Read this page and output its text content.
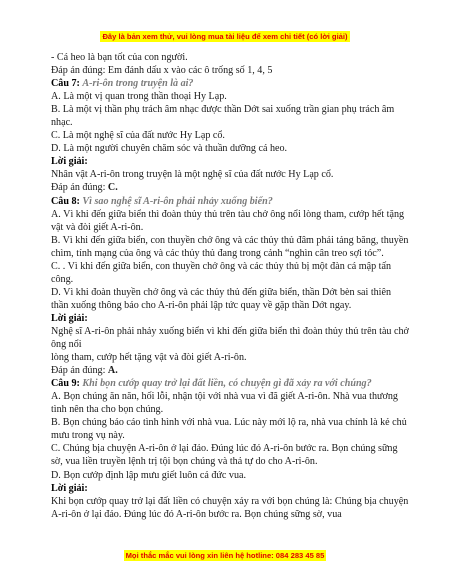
Đây là bản xem thử, vui lòng mua tài liệu để xem chi tiết (có lời giải)

- Cá heo là bạn tốt của con người.

Đáp án đúng: Em đánh dấu x vào các ô trống số 1, 4, 5

Câu 7: A-ri-ôn trong truyện là ai?

A. Là một vị quan trong thần thoại Hy Lạp.

B. Là một vị thần phụ trách âm nhạc được thần Dớt sai xuống trần gian phụ trách âm nhạc.

C. Là một nghệ sĩ của đất nước Hy Lạp cổ.

D. Là một người chuyên chăm sóc và thuần dưỡng cá heo.

Lời giải:

Nhân vật A-ri-ôn trong truyện là một nghệ sĩ của đất nước Hy Lạp cổ.

Đáp án đúng: C.

Câu 8: Vì sao nghệ sĩ A-ri-ôn phải nhảy xuống biển?

A. Vì khi đến giữa biển thì đoàn thủy thủ trên tàu chở ông nổi lòng tham, cướp hết tặng vật và đòi giết A-ri-ôn.

B. Vì khi đến giữa biển, con thuyền chở ông và các thủy thủ đâm phải tảng băng, thuyền chìm, tính mạng của ông và các thủy thủ đang trong cảnh “nghìn cân treo sợi tóc”.

C. . Vì khi đến giữa biển, con thuyền chở ông và các thủy thủ bị một đàn cá mập tấn công.

D. Vì khi đoàn thuyền chở ông và các thủy thủ đến giữa biển, thần Dớt bèn sai thiên thần xuống thông báo cho A-ri-ôn phải lập tức quay về gặp thần Dớt ngay.

Lời giải:

Nghệ sĩ A-ri-ôn phải nhảy xuống biển vì khi đến giữa biển thì đoàn thủy thủ trên tàu chở ông nổi

lòng tham, cướp hết tặng vật và đòi giết A-ri-ôn.

Đáp án đúng: A.

Câu 9: Khi bọn cướp quay trở lại đất liền, có chuyện gì đã xảy ra với chúng?

A. Bọn chúng ăn năn, hối lỗi, nhận tội với nhà vua vì đã giết A-ri-ôn. Nhà vua thương tình nên tha cho bọn chúng.

B. Bọn chúng báo cáo tình hình với nhà vua. Lúc này mới lộ ra, nhà vua chính là kẻ chủ mưu trong vụ này.

C. Chúng bịa chuyện A-ri-ôn ở lại đảo. Đúng lúc đó A-ri-ôn bước ra. Bọn chúng sững sờ, vua liền truyền lệnh trị tội bọn chúng và thả tự do cho A-ri-ôn.

D. Bọn cướp định lập mưu giết luôn cả đức vua.

Lời giải:

Khi bọn cướp quay trở lại đất liền có chuyện xảy ra với bọn chúng là: Chúng bịa chuyện A-ri-ôn ở lại đảo. Đúng lúc đó A-ri-ôn bước ra. Bọn chúng sững sờ, vua

Mọi thắc mắc vui lòng xin liên hệ hotline: 084 283 45 85
